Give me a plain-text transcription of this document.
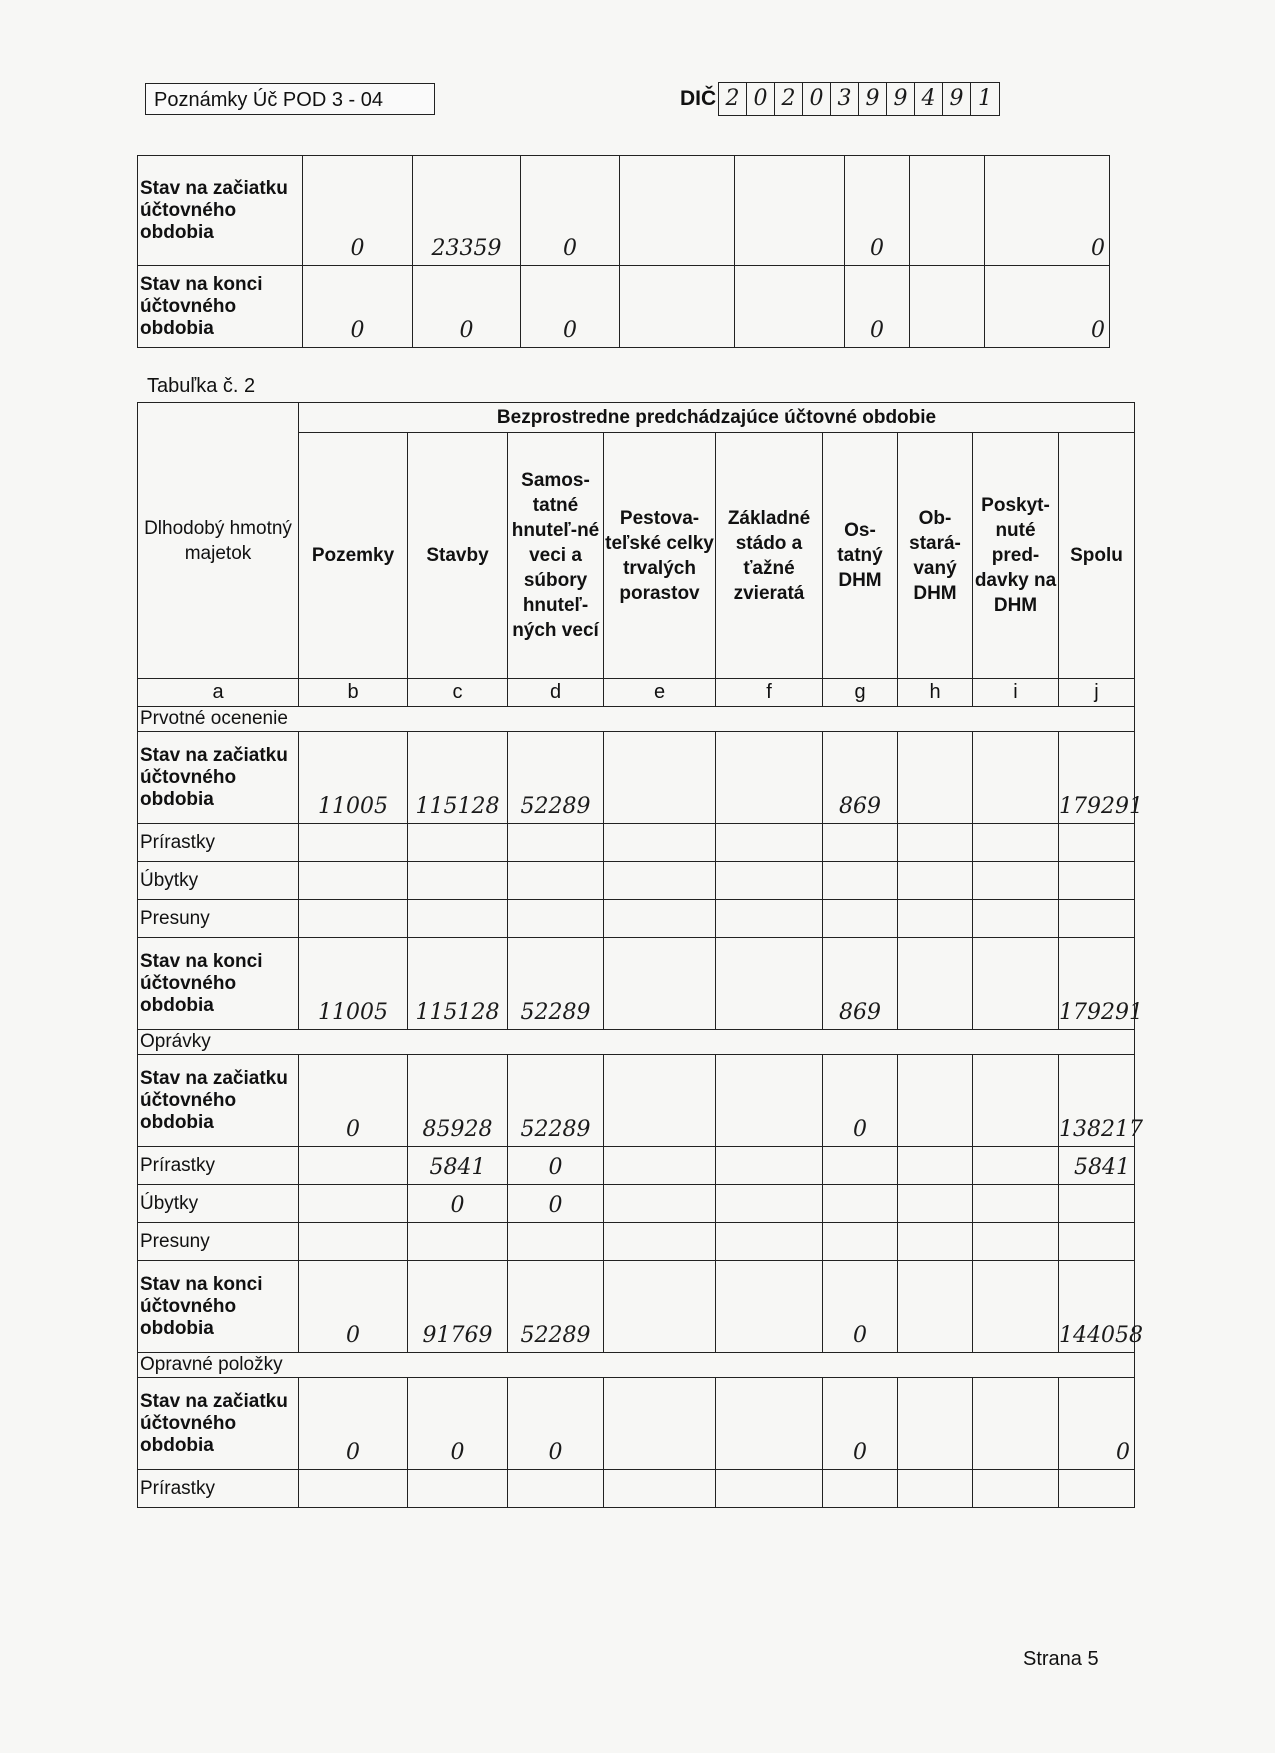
Poznámky Úč POD 3 - 04	DIČ 2 0 2 0 3 9 9 4 9 1
Stav na začiatku účtovného obdobia	0	23359	0			0		0
Stav na konci účtovného obdobia	0	0	0			0		0
Tabuľka č. 2
Dlhodobý hmotný majetok	Bezprostredne predchádzajúce účtovné obdobie								
	Pozemky	Stavby	Samos-tatné hnuteľ-né veci a súbory hnuteľ-ných vecí	Pestova-teľské celky trvalých porastov	Základné stádo a ťažné zvieratá	Os-tatný DHM	Ob-stará-vaný DHM	Poskyt-nuté pred-davky na DHM	Spolu
a	b	c	d	e	f	g	h	i	j
Prvotné ocenenie									
Stav na začiatku účtovného obdobia	11005	115128	52289			869			179291
Prírastky									
Úbytky									
Presuny									
Stav na konci účtovného obdobia	11005	115128	52289			869			179291
Oprávky									
Stav na začiatku účtovného obdobia	0	85928	52289			0			138217
Prírastky		5841	0						5841
Úbytky		0	0						
Presuny									
Stav na konci účtovného obdobia	0	91769	52289			0			144058
Opravné položky									
Stav na začiatku účtovného obdobia	0	0	0			0			0
Prírastky									
Strana 5
